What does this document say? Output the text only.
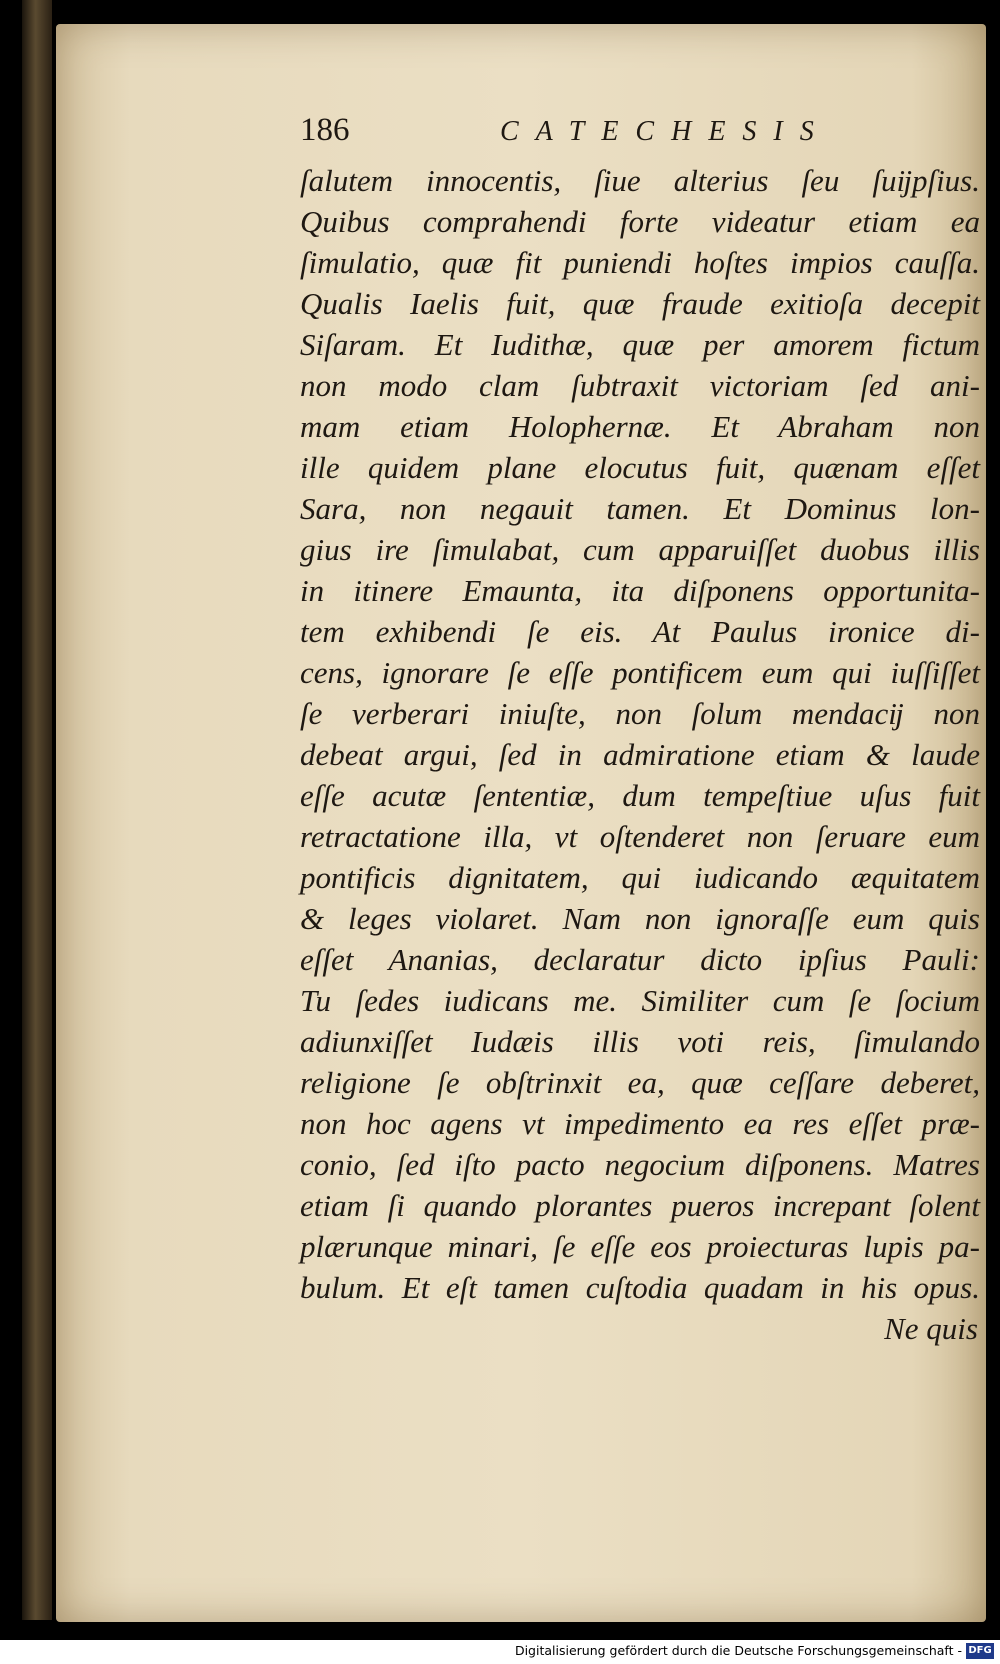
186	CATECHESIS
ſalutem innocentis, ſiue alterius ſeu ſuĳpſius.
Quibus comprahendi forte videatur etiam ea
ſimulatio, quæ fit puniendi hoſtes impios cauſſa.
Qualis Iaelis fuit, quæ fraude exitioſa decepit
Siſaram. Et Iudithæ, quæ per amorem fictum
non modo clam ſubtraxit victoriam ſed ani-
mam etiam Holophernæ. Et Abraham non
ille quidem plane elocutus fuit, quænam eſſet
Sara, non negauit tamen. Et Dominus lon-
gius ire ſimulabat, cum apparuiſſet duobus illis
in itinere Emaunta, ita diſponens opportunita-
tem exhibendi ſe eis. At Paulus ironice di-
cens, ignorare ſe eſſe pontificem eum qui iuſſiſſet
ſe verberari iniuſte, non ſolum mendacĳ non
debeat argui, ſed in admiratione etiam & laude
eſſe acutæ ſententiæ, dum tempeſtiue uſus fuit
retractatione illa, vt oſtenderet non ſeruare eum
pontificis dignitatem, qui iudicando æquitatem
& leges violaret. Nam non ignoraſſe eum quis
eſſet Ananias, declaratur dicto ipſius Pauli:
Tu ſedes iudicans me. Similiter cum ſe ſocium
adiunxiſſet Iudæis illis voti reis, ſimulando
religione ſe obſtrinxit ea, quæ ceſſare deberet,
non hoc agens vt impedimento ea res eſſet præ-
conio, ſed iſto pacto negocium diſponens. Matres
etiam ſi quando plorantes pueros increpant ſolent
plærunque minari, ſe eſſe eos proiecturas lupis pa-
bulum. Et eſt tamen cuſtodia quadam in his opus.
Ne quis
Digitalisierung gefördert durch die Deutsche Forschungsgemeinschaft - DFG
